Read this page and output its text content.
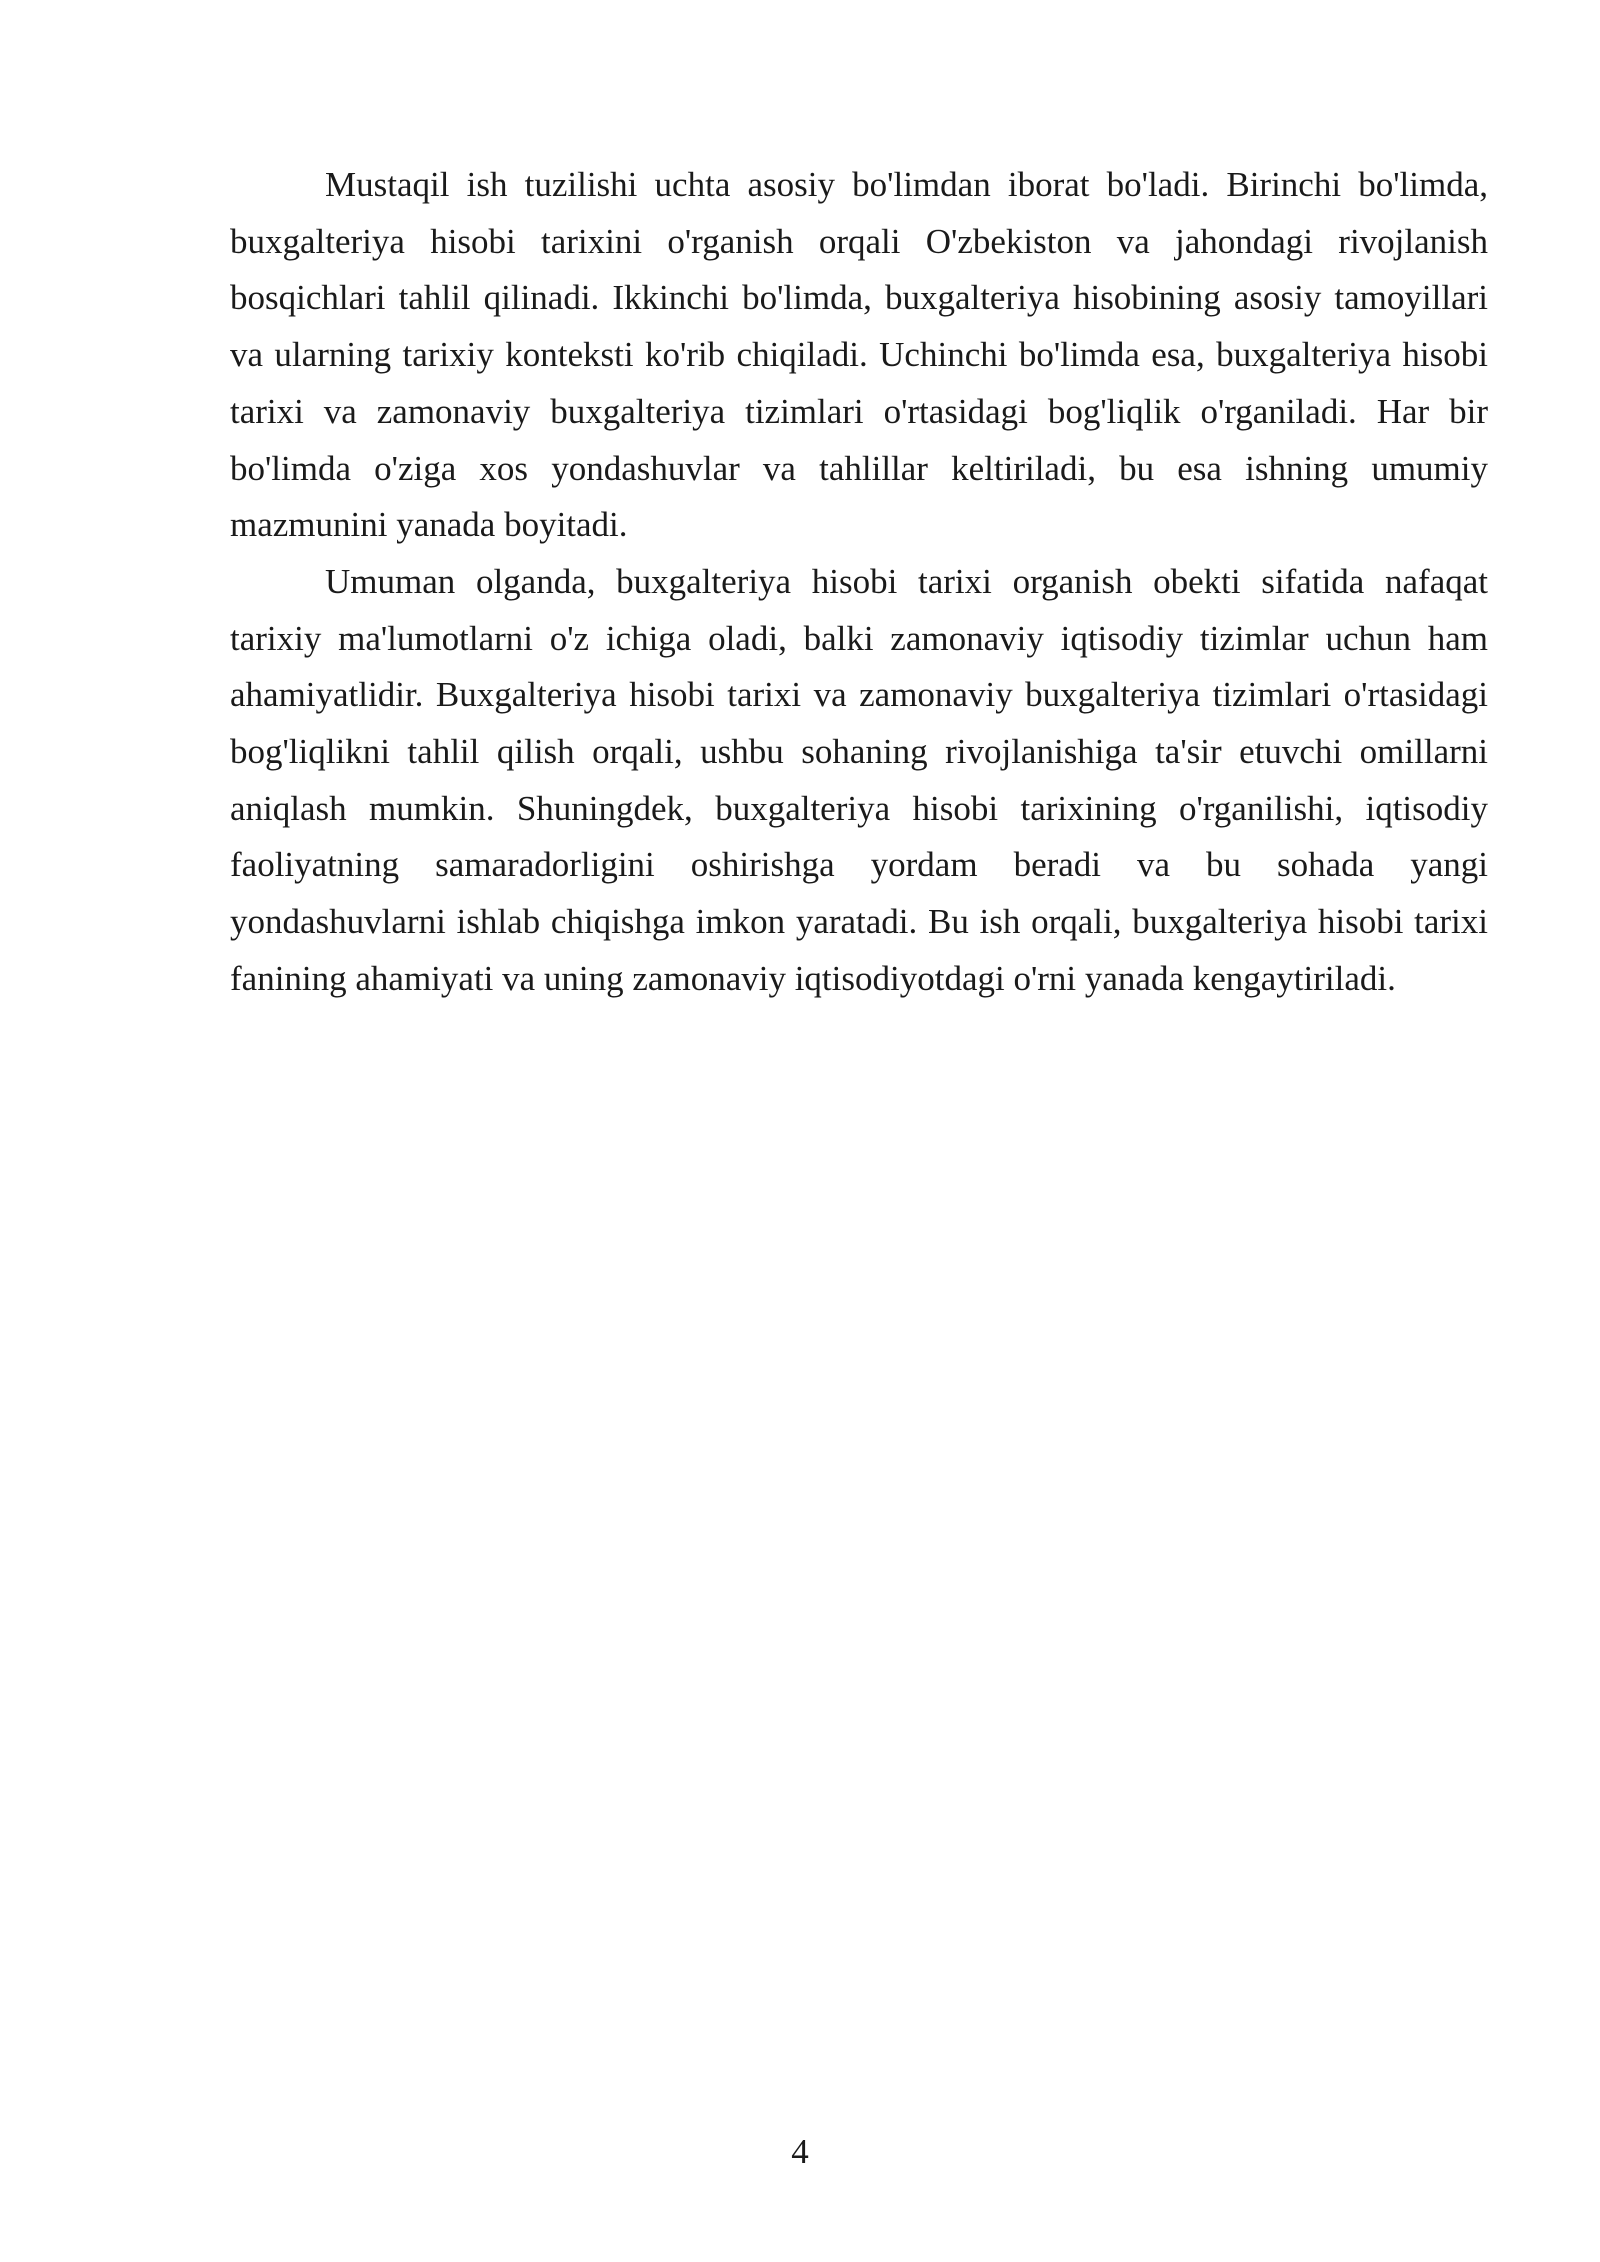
Mustaqil ish tuzilishi uchta asosiy bo'limdan iborat bo'ladi. Birinchi bo'limda, buxgalteriya hisobi tarixini o'rganish orqali O'zbekiston va jahondagi rivojlanish bosqichlari tahlil qilinadi. Ikkinchi bo'limda, buxgalteriya hisobining asosiy tamoyillari va ularning tarixiy konteksti ko'rib chiqiladi. Uchinchi bo'limda esa, buxgalteriya hisobi tarixi va zamonaviy buxgalteriya tizimlari o'rtasidagi bog'liqlik o'rganiladi. Har bir bo'limda o'ziga xos yondashuvlar va tahlillar keltiriladi, bu esa ishning umumiy mazmunini yanada boyitadi.

Umuman olganda, buxgalteriya hisobi tarixi organish obekti sifatida nafaqat tarixiy ma'lumotlarni o'z ichiga oladi, balki zamonaviy iqtisodiy tizimlar uchun ham ahamiyatlidir. Buxgalteriya hisobi tarixi va zamonaviy buxgalteriya tizimlari o'rtasidagi bog'liqlikni tahlil qilish orqali, ushbu sohaning rivojlanishiga ta'sir etuvchi omillarni aniqlash mumkin. Shuningdek, buxgalteriya hisobi tarixining o'rganilishi, iqtisodiy faoliyatning samaradorligini oshirishga yordam beradi va bu sohada yangi yondashuvlarni ishlab chiqishga imkon yaratadi. Bu ish orqali, buxgalteriya hisobi tarixi fanining ahamiyati va uning zamonaviy iqtisodiyotdagi o'rni yanada kengaytiriladi.

4
